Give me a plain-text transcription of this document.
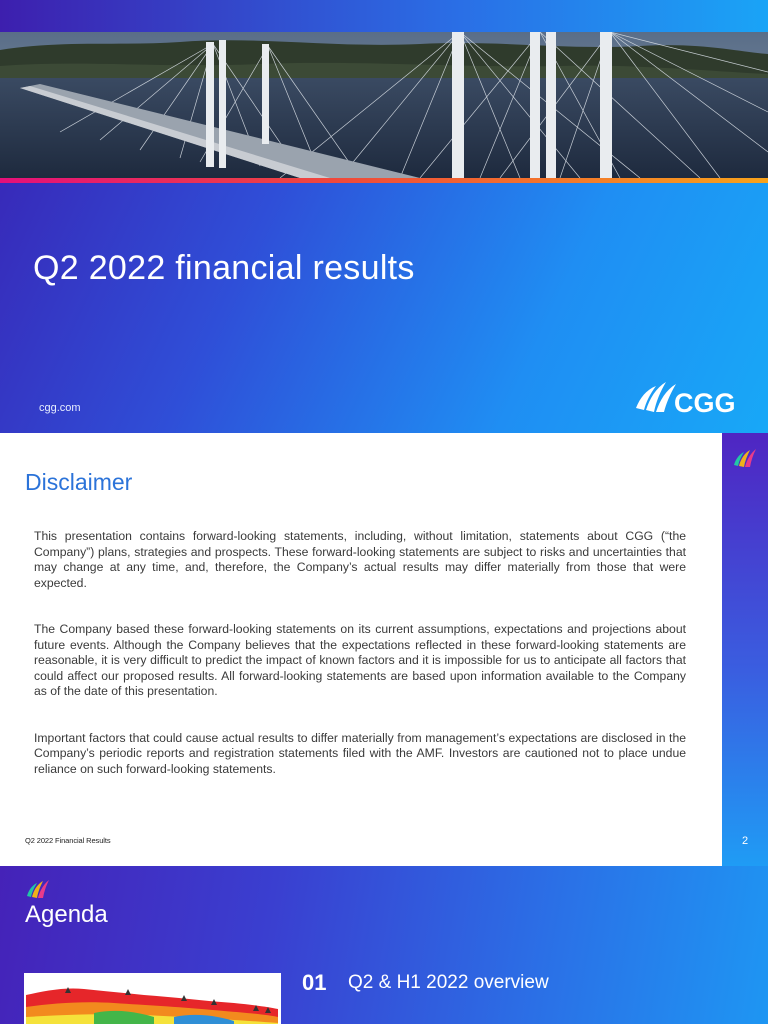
Q2 2022 financial results
cgg.com	CGG
2
Disclaimer

This presentation contains forward-looking statements, including, without limitation, statements about CGG (“the Company”) plans, strategies and prospects. These forward-looking statements are subject to risks and uncertainties that may change at any time, and, therefore, the Company’s actual results may differ materially from those that were expected.

The Company based these forward-looking statements on its current assumptions, expectations and projections about future events. Although the Company believes that the expectations reflected in these forward-looking statements are reasonable, it is very difficult to predict the impact of known factors and it is impossible for us to anticipate all factors that could affect our proposed results. All forward-looking statements are based upon information available to the Company as of the date of this presentation.

Important factors that could cause actual results to differ materially from management’s expectations are disclosed in the Company’s periodic reports and registration statements filed with the AMF. Investors are cautioned not to place undue reliance on such forward-looking statements.

Q2 2022 Financial Results
Agenda
01 Q2 & H1 2022 overview
